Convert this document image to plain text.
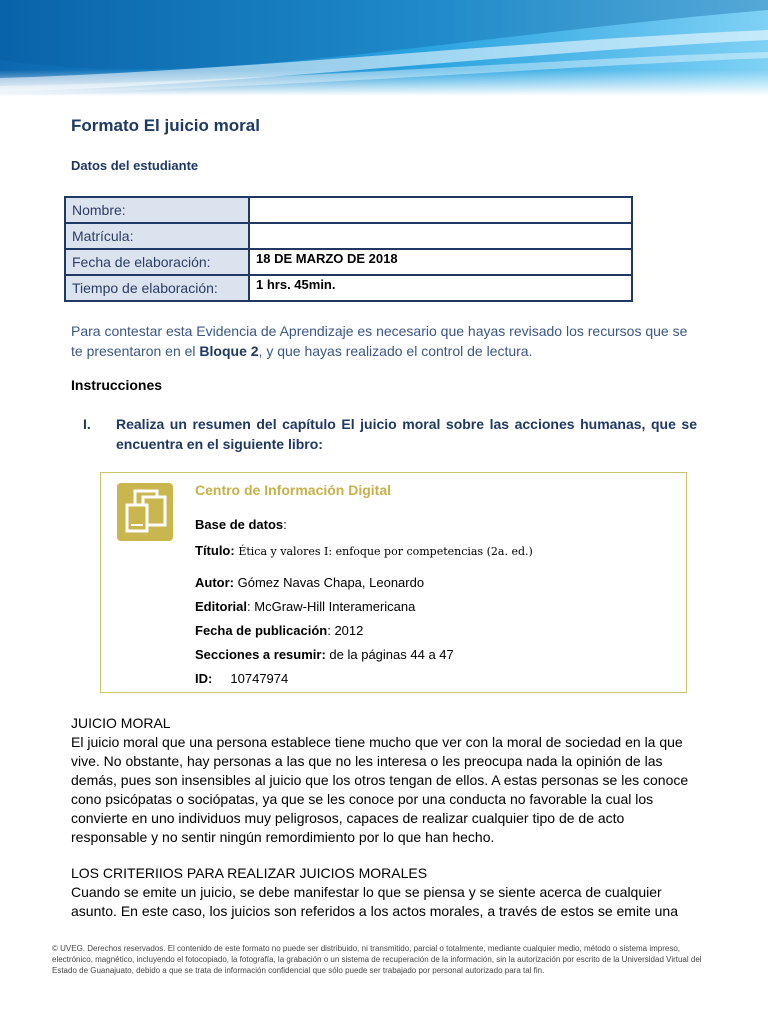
Formato El juicio moral
Datos del estudiante
Nombre:	
Matrícula:	
Fecha de elaboración:	18 DE MARZO DE 2018
Tiempo de elaboración:	1 hrs. 45min.

Para contestar esta Evidencia de Aprendizaje es necesario que hayas revisado los recursos que se te presentaron en el Bloque 2, y que hayas realizado el control de lectura.

Instrucciones
I. Realiza un resumen del capítulo El juicio moral sobre las acciones humanas, que se encuentra en el siguiente libro:
Centro de Información Digital
Base de datos:
Título: Ética y valores I: enfoque por competencias (2a. ed.)
Autor: Gómez Navas Chapa, Leonardo
Editorial: McGraw-Hill Interamericana
Fecha de publicación: 2012
Secciones a resumir: de la páginas 44 a 47
ID: 10747974

JUICIO MORAL
El juicio moral que una persona establece tiene mucho que ver con la moral de sociedad en la que vive. No obstante, hay personas a las que no les interesa o les preocupa nada la opinión de las demás, pues son insensibles al juicio que los otros tengan de ellos. A estas personas se les conoce cono psicópatas o sociópatas, ya que se les conoce por una conducta no favorable la cual los convierte en uno individuos muy peligrosos, capaces de realizar cualquier tipo de de acto responsable y no sentir ningún remordimiento por lo que han hecho.

LOS CRITERIIOS PARA REALIZAR JUICIOS MORALES
Cuando se emite un juicio, se debe manifestar lo que se piensa y se siente acerca de cualquier asunto. En este caso, los juicios son referidos a los actos morales, a través de estos se emite una

© UVEG. Derechos reservados. El contenido de este formato no puede ser distribuido, ni transmitido, parcial o totalmente, mediante cualquier medio, método o sistema impreso, electrónico, magnético, incluyendo el fotocopiado, la fotografía, la grabación o un sistema de recuperación de la información, sin la autorización por escrito de la Universidad Virtual del Estado de Guanajuato, debido a que se trata de información confidencial que sólo puede ser trabajado por personal autorizado para tal fin.
